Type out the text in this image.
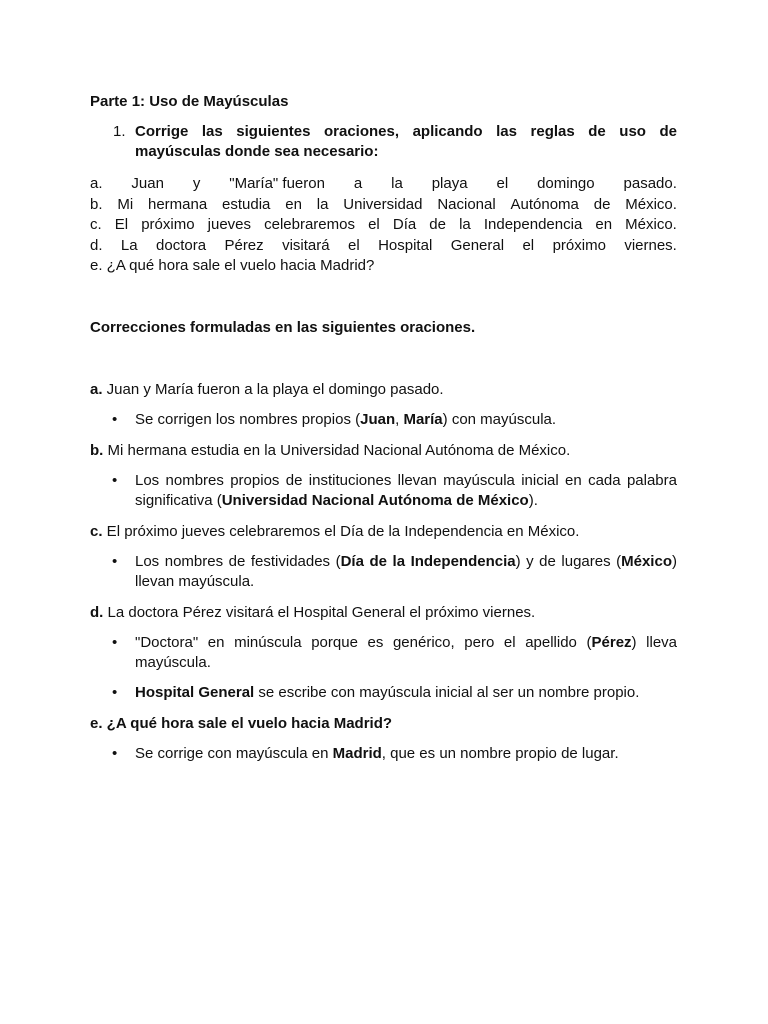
Parte 1: Uso de Mayúsculas
1. Corrige las siguientes oraciones, aplicando las reglas de uso de mayúsculas donde sea necesario:
a. Juan y "María" fueron a la playa el domingo pasado.
b. Mi hermana estudia en la Universidad Nacional Autónoma de México.
c. El próximo jueves celebraremos el Día de la Independencia en México.
d. La doctora Pérez visitará el Hospital General el próximo viernes.
e. ¿A qué hora sale el vuelo hacia Madrid?
Correcciones formuladas en las siguientes oraciones.

a. Juan y María fueron a la playa el domingo pasado.

• Se corrigen los nombres propios (Juan, María) con mayúscula.

b. Mi hermana estudia en la Universidad Nacional Autónoma de México.

• Los nombres propios de instituciones llevan mayúscula inicial en cada palabra significativa (Universidad Nacional Autónoma de México).

c. El próximo jueves celebraremos el Día de la Independencia en México.

• Los nombres de festividades (Día de la Independencia) y de lugares (México) llevan mayúscula.

d. La doctora Pérez visitará el Hospital General el próximo viernes.

• "Doctora" en minúscula porque es genérico, pero el apellido (Pérez) lleva mayúscula.
• Hospital General se escribe con mayúscula inicial al ser un nombre propio.

e. ¿A qué hora sale el vuelo hacia Madrid?

• Se corrige con mayúscula en Madrid, que es un nombre propio de lugar.
